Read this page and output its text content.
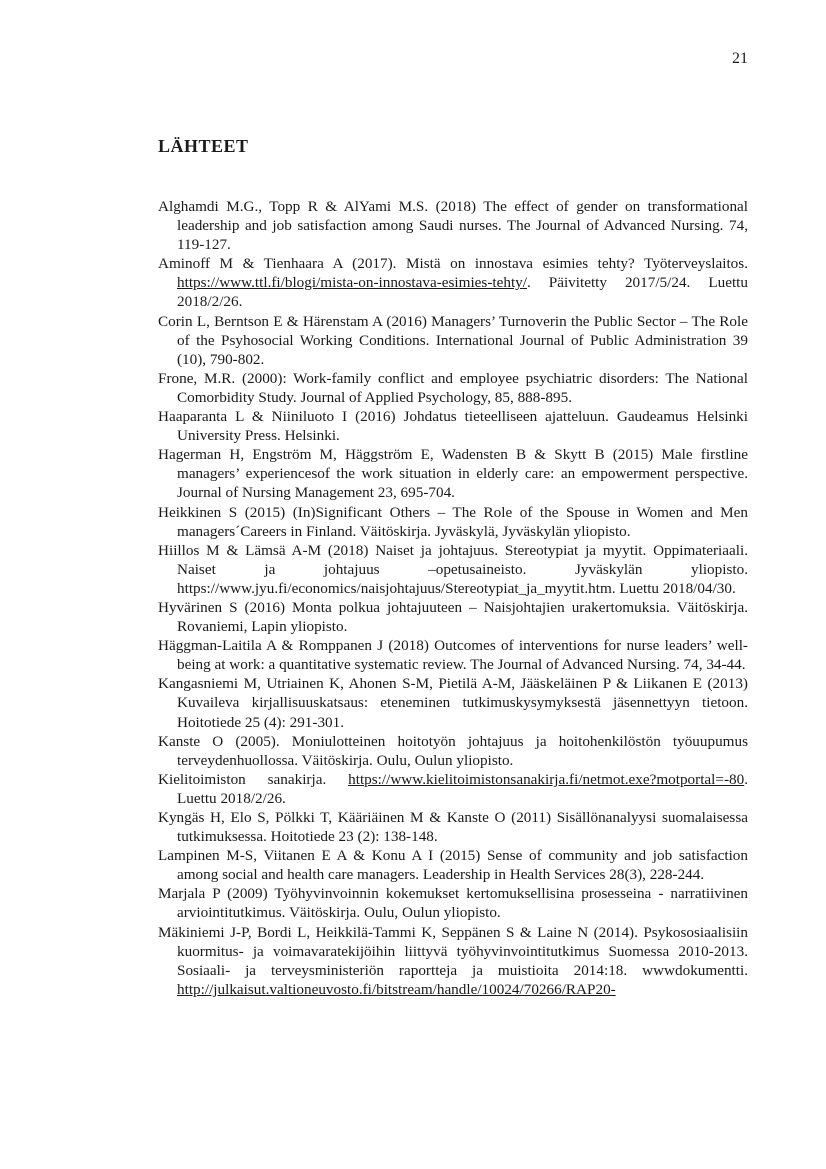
21
LÄHTEET

Alghamdi M.G., Topp R & AlYami M.S. (2018) The effect of gender on transformational leadership and job satisfaction among Saudi nurses. The Journal of Advanced Nursing. 74, 119-127.

Aminoff M & Tienhaara A (2017). Mistä on innostava esimies tehty? Työterveyslaitos. https://www.ttl.fi/blogi/mista-on-innostava-esimies-tehty/. Päivitetty 2017/5/24. Luettu 2018/2/26.

Corin L, Berntson E & Härenstam A (2016) Managers’ Turnoverin the Public Sector – The Role of the Psyhosocial Working Conditions. International Journal of Public Administration 39 (10), 790-802.

Frone, M.R. (2000): Work-family conflict and employee psychiatric disorders: The National Comorbidity Study. Journal of Applied Psychology, 85, 888-895.

Haaparanta L & Niiniluoto I (2016) Johdatus tieteelliseen ajatteluun. Gaudeamus Helsinki University Press. Helsinki.

Hagerman H, Engström M, Häggström E, Wadensten B & Skytt B (2015) Male firstline managers’ experiencesof the work situation in elderly care: an empowerment perspective. Journal of Nursing Management 23, 695-704.

Heikkinen S (2015) (In)Significant Others – The Role of the Spouse in Women and Men managers´Careers in Finland. Väitöskirja. Jyväskylä, Jyväskylän yliopisto.

Hiillos M & Lämsä A-M (2018) Naiset ja johtajuus. Stereotypiat ja myytit. Oppimateriaali. Naiset ja johtajuus –opetusaineisto. Jyväskylän yliopisto. https://www.jyu.fi/economics/naisjohtajuus/Stereotypiat_ja_myytit.htm. Luettu 2018/04/30.

Hyvärinen S (2016) Monta polkua johtajuuteen – Naisjohtajien urakertomuksia. Väitöskirja. Rovaniemi, Lapin yliopisto.

Häggman-Laitila A & Romppanen J (2018) Outcomes of interventions for nurse leaders’ well-being at work: a quantitative systematic review. The Journal of Advanced Nursing. 74, 34-44.

Kangasniemi M, Utriainen K, Ahonen S-M, Pietilä A-M, Jääskeläinen P & Liikanen E (2013) Kuvaileva kirjallisuuskatsaus: eteneminen tutkimuskysymyksestä jäsennettyyn tietoon. Hoitotiede 25 (4): 291-301.

Kanste O (2005). Moniulotteinen hoitotyön johtajuus ja hoitohenkilöstön työuupumus terveydenhuollossa. Väitöskirja. Oulu, Oulun yliopisto.

Kielitoimiston sanakirja. https://www.kielitoimistonsanakirja.fi/netmot.exe?motportal=-80. Luettu 2018/2/26.

Kyngäs H, Elo S, Pölkki T, Kääriäinen M & Kanste O (2011) Sisällönanalyysi suomalaisessa tutkimuksessa. Hoitotiede 23 (2): 138-148.

Lampinen M-S, Viitanen E A & Konu A I (2015) Sense of community and job satisfaction among social and health care managers. Leadership in Health Services 28(3), 228-244.

Marjala P (2009) Työhyvinvoinnin kokemukset kertomuksellisina prosesseina - narratiivinen arviointitutkimus. Väitöskirja. Oulu, Oulun yliopisto.

Mäkiniemi J-P, Bordi L, Heikkilä-Tammi K, Seppänen S & Laine N (2014). Psykososiaalisiin kuormitus- ja voimavaratekijöihin liittyvä työhyvinvointitutkimus Suomessa 2010-2013. Sosiaali- ja terveysministeriön raportteja ja muistioita 2014:18. wwwdokumentti. http://julkaisut.valtioneuvosto.fi/bitstream/handle/10024/70266/RAP20-
